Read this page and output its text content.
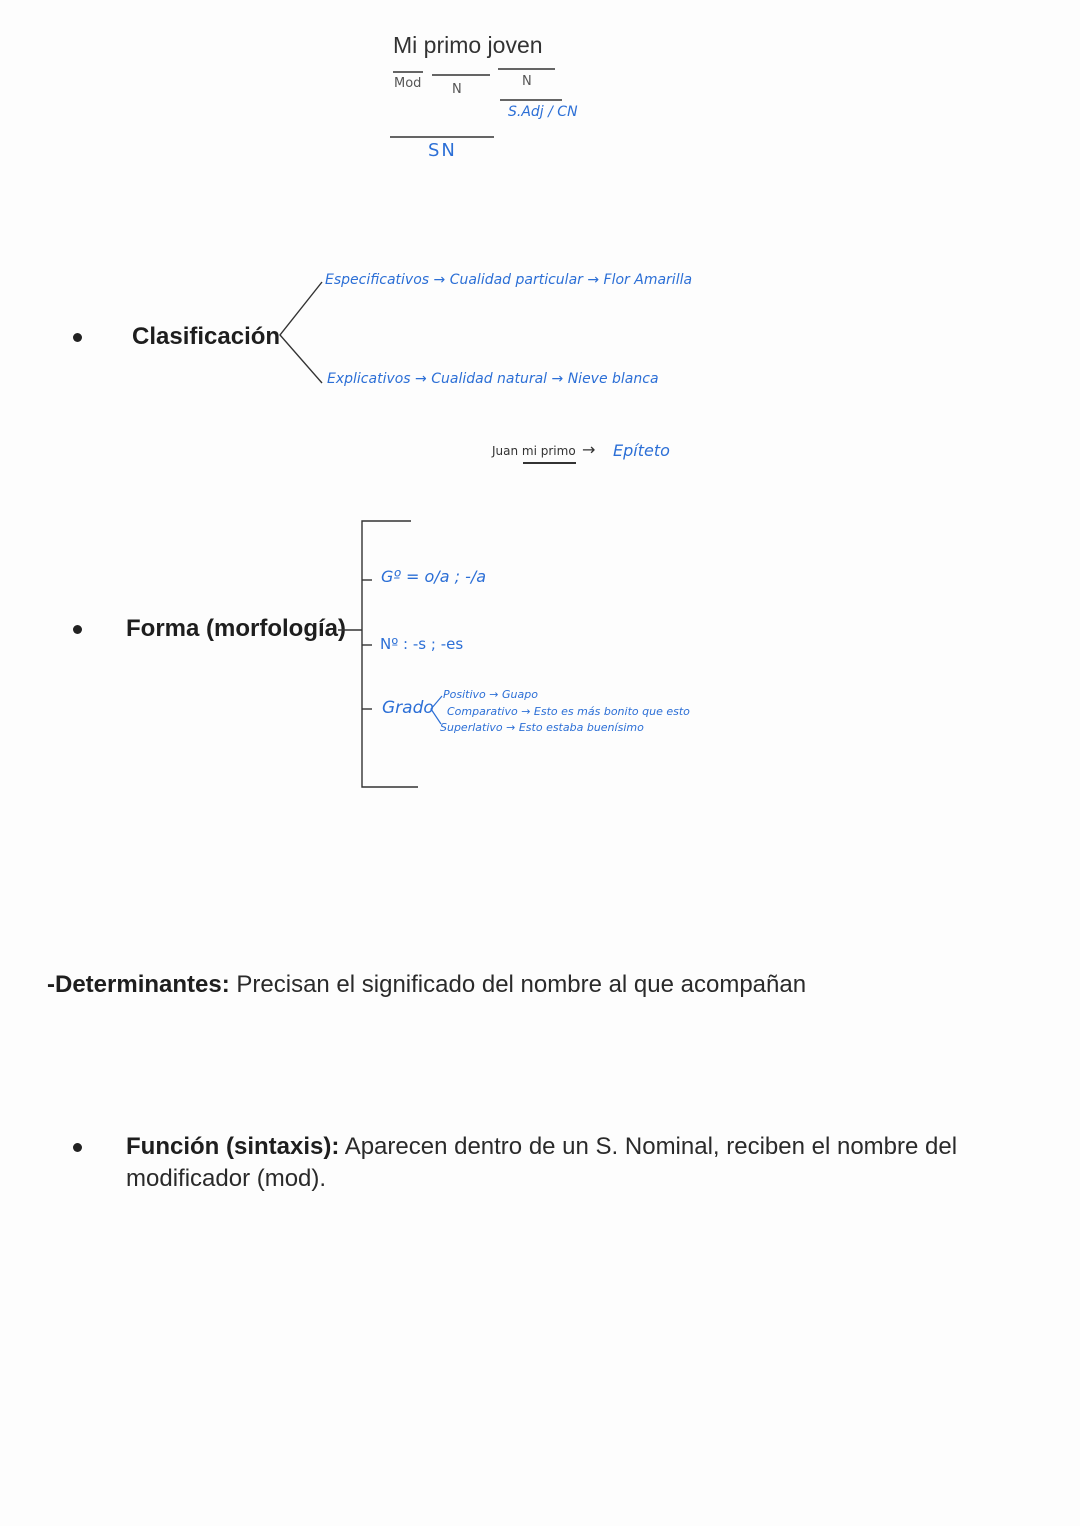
Mi primo joven
Mod N
N
S.Adj / CN
SN
Clasificación
Especificativos → Cualidad particular → Flor Amarilla
Explicativos → Cualidad natural → Nieve blanca
Juan mi primo → Epíteto
Forma (morfología)
Gº = o/a ; -/a
Nº : -s ; -es
Grado
Positivo → Guapo
Comparativo → Esto es más bonito que esto
Superlativo → Esto estaba buenísimo
-Determinantes: Precisan el significado del nombre al que acompañan
Función (sintaxis): Aparecen dentro de un S. Nominal, reciben el nombre del
modificador (mod).
